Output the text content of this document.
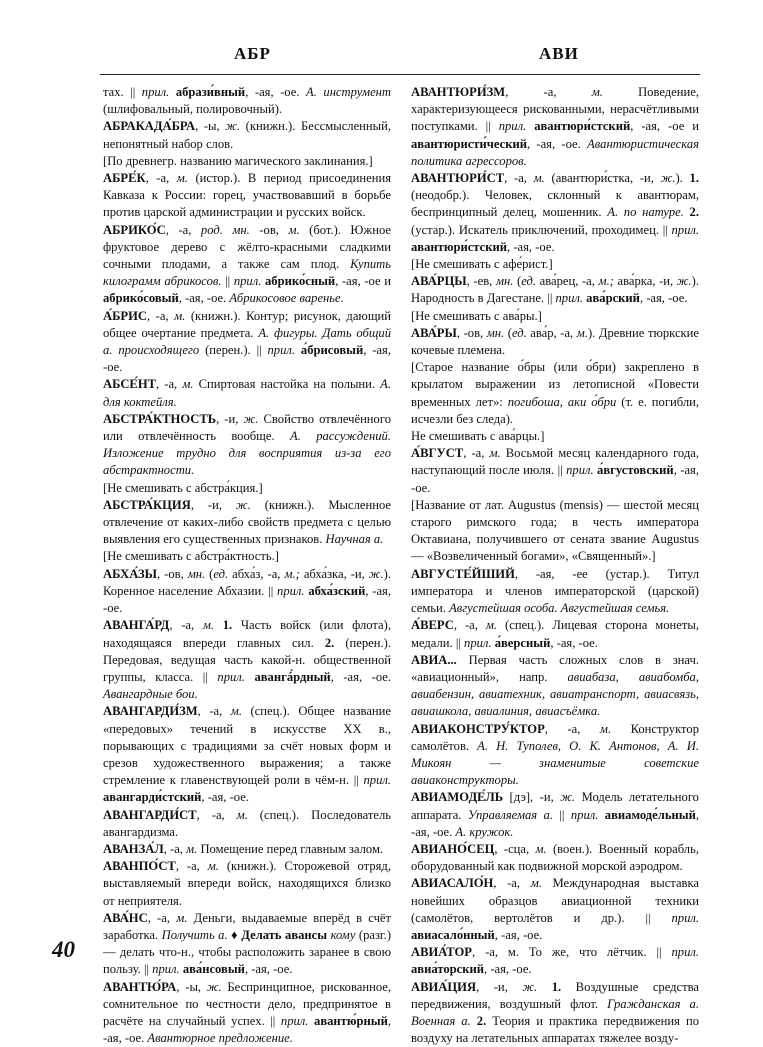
АБР	АВИ

тах. || прил. абрази́вный, -ая, -ое. А. инструмент (шлифовальный, полировочный).

АБРАКАДА́БРА, -ы, ж. (книжн.). Бессмысленный, непонятный набор слов.

[По древнегр. названию магического заклинания.]

АБРЕ́К, -а, м. (истор.). В период присоединения Кавказа к России: горец, участвовавший в борьбе против царской администрации и русских войск.

АБРИКО́С, -а, род. мн. -ов, м. (бот.). Южное фруктовое дерево с жёлто-красными сладкими сочными плодами, а также сам плод. Купить килограмм абрикосов. || прил. абрико́сный, -ая, -ое и абрико́совый, -ая, -ое. Абрикосовое варенье.

А́БРИС, -а, м. (книжн.). Контур; рисунок, дающий общее очертание предмета. А. фигуры. Дать общий а. происходящего (перен.). || прил. а́брисовый, -ая, -ое.

АБСЕ́НТ, -а, м. Спиртовая настойка на полыни. А. для коктейля.

АБСТРА́КТНОСТЬ, -и, ж. Свойство отвлечённого или отвлечённость вообще. А. рассуждений. Изложение трудно для восприятия из-за его абстрактности.

[Не смешивать с абстра́кция.]

АБСТРА́КЦИЯ, -и, ж. (книжн.). Мысленное отвлечение от каких-либо свойств предмета с целью выявления его существенных признаков. Научная а.

[Не смешивать с абстра́ктность.]

АБХА́ЗЫ, -ов, мн. (ед. абха́з, -а, м.; абха́зка, -и, ж.). Коренное население Абхазии. || прил. абха́зский, -ая, -ое.

АВАНГА́РД, -а, м. 1. Часть войск (или флота), находящаяся впереди главных сил. 2. (перен.). Передовая, ведущая часть какой-н. общественной группы, класса. || прил. авангá́рдный, -ая, -ое. Авангардные бои.

АВАНГАРДИ́ЗМ, -а, м. (спец.). Общее название «передовых» течений в искусстве XX в., порывающих с традициями за счёт новых форм и срезов художественного выражения; а также стремление к главенствующей роли в чём-н. || прил. авангарди́стский, -ая, -ое.

АВАНГАРДИ́СТ, -а, м. (спец.). Последователь авангардизма.

АВАНЗА́Л, -а, м. Помещение перед главным залом.

АВАНПО́СТ, -а, м. (книжн.). Сторожевой отряд, выставляемый впереди войск, находящихся близко от неприятеля.

АВА́НС, -а, м. Деньги, выдаваемые вперёд в счёт заработка. Получить а. ♦ Делать авансы кому (разг.) — делать что-н., чтобы расположить заранее в свою пользу. || прил. ава́нсовый, -ая, -ое.

АВАНТЮ́РА, -ы, ж. Беспринципное, рискованное, сомнительное по честности дело, предпринятое в расчёте на случайный успех. || прил. авантю́рный, -ая, -ое. Авантюрное предложение.

АВАНТЮРИ́ЗМ, -а, м. Поведение, характеризующееся рискованными, нерасчётливыми поступками. || прил. авантюри́стский, -ая, -ое и авантюристи́ческий, -ая, -ое. Авантюристическая политика агрессоров.

АВАНТЮРИ́СТ, -а, м. (авантюри́стка, -и, ж.). 1. (неодобр.). Человек, склонный к авантюрам, беспринципный делец, мошенник. А. по натуре. 2. (устар.). Искатель приключений, проходимец. || прил. авантюри́стский, -ая, -ое.

[Не смешивать с афе́рист.]

АВА́РЦЫ, -ев, мн. (ед. ава́рец, -а, м.; ава́рка, -и, ж.). Народность в Дагестане. || прил. ава́рский, -ая, -ое.

[Не смешивать с ава́ры.]

АВА́РЫ, -ов, мн. (ед. ава́р, -а, м.). Древние тюркские кочевые племена.

[Старое название о́бры (или о́бри) закреплено в крылатом выражении из летописной «Повести временных лет»: погибоша, аки о́бри (т. е. погибли, исчезли без следа).

Не смешивать с ава́рцы.]

А́ВГУСТ, -а, м. Восьмой месяц календарного года, наступающий после июля. || прил. а́вгустовский, -ая, -ое.

[Название от лат. Augustus (mensis) — шестой месяц старого римского года; в честь императора Октавиана, получившего от сената звание Augustus — «Возвеличенный богами», «Священный».]

АВГУСТЕ́ЙШИЙ, -ая, -ее (устар.). Титул императора и членов императорской (царской) семьи. Августейшая особа. Августейшая семья.

А́ВЕРС, -а, м. (спец.). Лицевая сторона монеты, медали. || прил. а́версный, -ая, -ое.

АВИА... Первая часть сложных слов в знач. «авиационный», напр. авиабаза, авиабомба, авиабензин, авиатехник, авиатранспорт, авиасвязь, авиашкола, авиалиния, авиасъёмка.

АВИАКОНСТРУ́КТОР, -а, м. Конструктор самолётов. А. Н. Туполев, О. К. Антонов, А. И. Микоян — знаменитые советские авиаконструкторы.

АВИАМОДЕ́ЛЬ [дэ], -и, ж. Модель летательного аппарата. Управляемая а. || прил. авиамоде́льный, -ая, -ое. А. кружок.

АВИАНО́СЕЦ, -сца, м. (воен.). Военный корабль, оборудованный как подвижной морской аэродром.

АВИАСАЛО́Н, -а, м. Международная выставка новейших образцов авиационной техники (самолётов, вертолётов и др.). || прил. авиасало́нный, -ая, -ое.

АВИА́ТОР, -а, м. То же, что лётчик. || прил. авиа́торский, -ая, -ое.

АВИА́ЦИЯ, -и, ж. 1. Воздушные средства передвижения, воздушный флот. Гражданская а. Военная а. 2. Теория и практика передвижения по воздуху на летательных аппаратах тяжелее возду-

40
